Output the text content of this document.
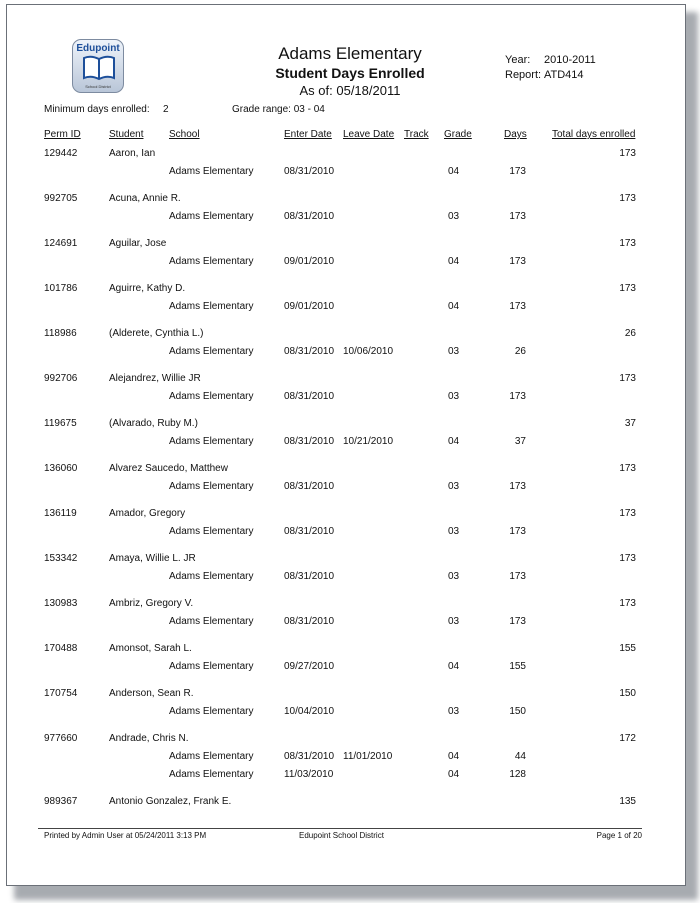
Edupoint
School District
Adams Elementary
Student Days Enrolled
As of: 05/18/2011
Year: 2010-2011
Report: ATD414
Minimum days enrolled: 2	Grade range: 03 - 04
Perm ID	Student	School	Enter Date Leave Date Track Grade	Days	Total days enrolled
129442	Aaron, Ian	173
Adams Elementary	08/31/2010	04	173
992705	Acuna, Annie R.	173
Adams Elementary	08/31/2010	03	173
124691	Aguilar, Jose	173
Adams Elementary	09/01/2010	04	173
101786	Aguirre, Kathy D.	173
Adams Elementary	09/01/2010	04	173
118986	(Alderete, Cynthia L.)	26
Adams Elementary	08/31/2010 10/06/2010	03	26
992706	Alejandrez, Willie JR	173
Adams Elementary	08/31/2010	03	173
119675	(Alvarado, Ruby M.)	37
Adams Elementary	08/31/2010 10/21/2010	04	37
136060	Alvarez Saucedo, Matthew	173
Adams Elementary	08/31/2010	03	173
136119	Amador, Gregory	173
Adams Elementary	08/31/2010	03	173
153342	Amaya, Willie L. JR	173
Adams Elementary	08/31/2010	03	173
130983	Ambriz, Gregory V.	173
Adams Elementary	08/31/2010	03	173
170488	Amonsot, Sarah L.	155
Adams Elementary	09/27/2010	04	155
170754	Anderson, Sean R.	150
Adams Elementary	10/04/2010	03	150
977660	Andrade, Chris N.	172
Adams Elementary	08/31/2010 11/01/2010	04	44
Adams Elementary	11/03/2010	04	128
989367	Antonio Gonzalez, Frank E.	135
Printed by Admin User at 05/24/2011 3:13 PM	Edupoint School District	Page 1 of 20
